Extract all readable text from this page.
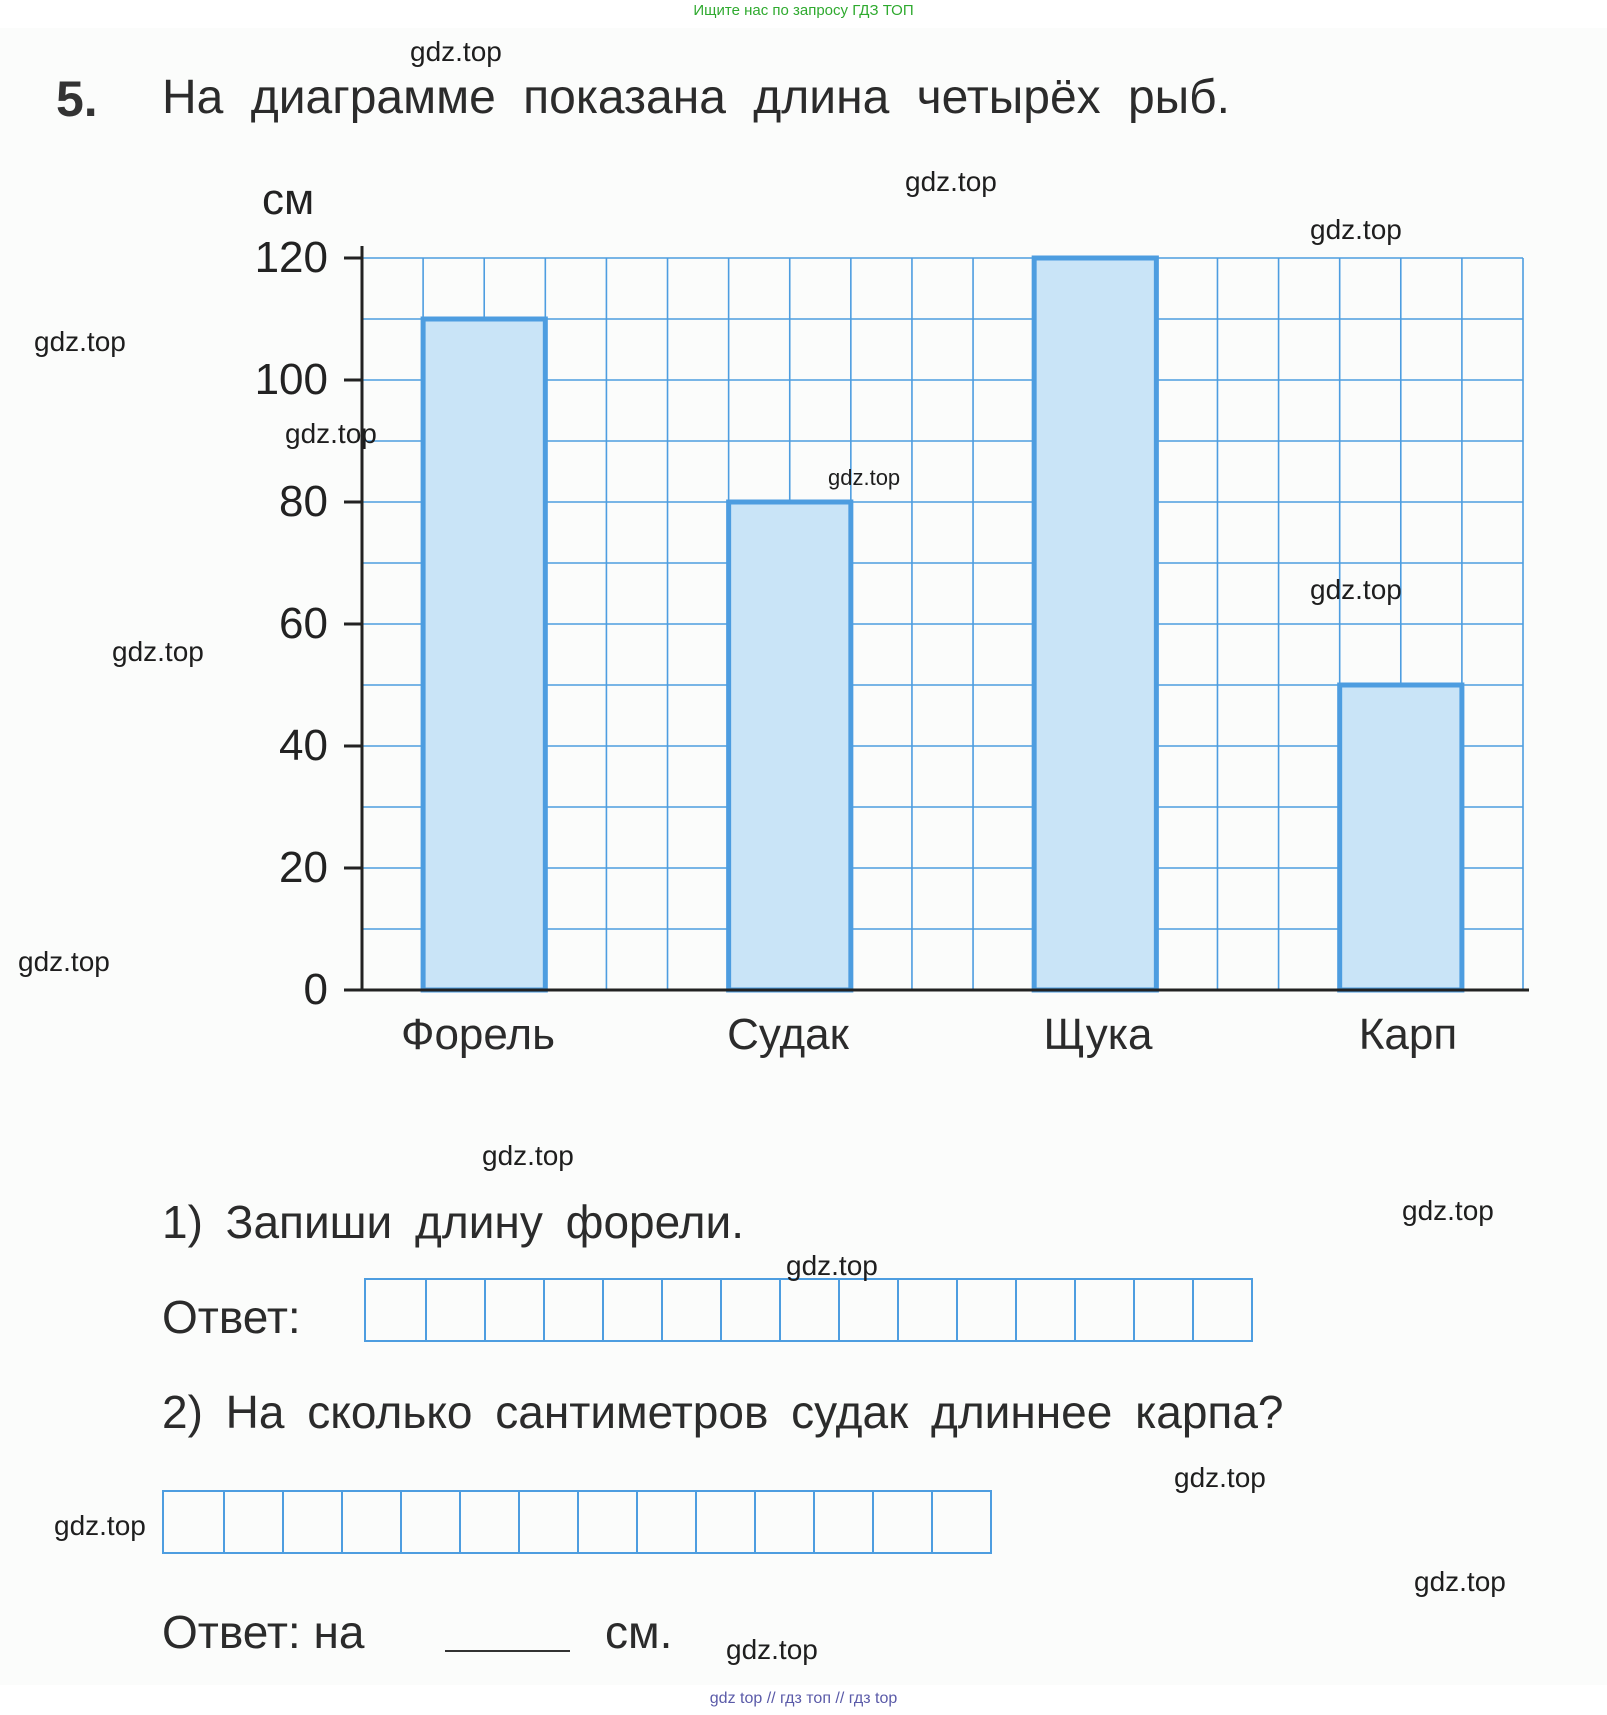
Ищите нас по запросу ГДЗ ТОП
5. На диаграмме показана длина четырёх рыб.
см
0
20
40
60
80
100
120
Форель	Судак	Щука	Карп
1) Запиши длину форели.
Ответ:
2) На сколько сантиметров судак длиннее карпа?
Ответ: на	см.
gdz.top
gdz.top
gdz.top
gdz.top
gdz.top
gdz.top
gdz.top
gdz.top
gdz.top
gdz.top
gdz.top
gdz.top
gdz.top
gdz.top
gdz.top
gdz.top
gdz top // гдз топ // гдз top
